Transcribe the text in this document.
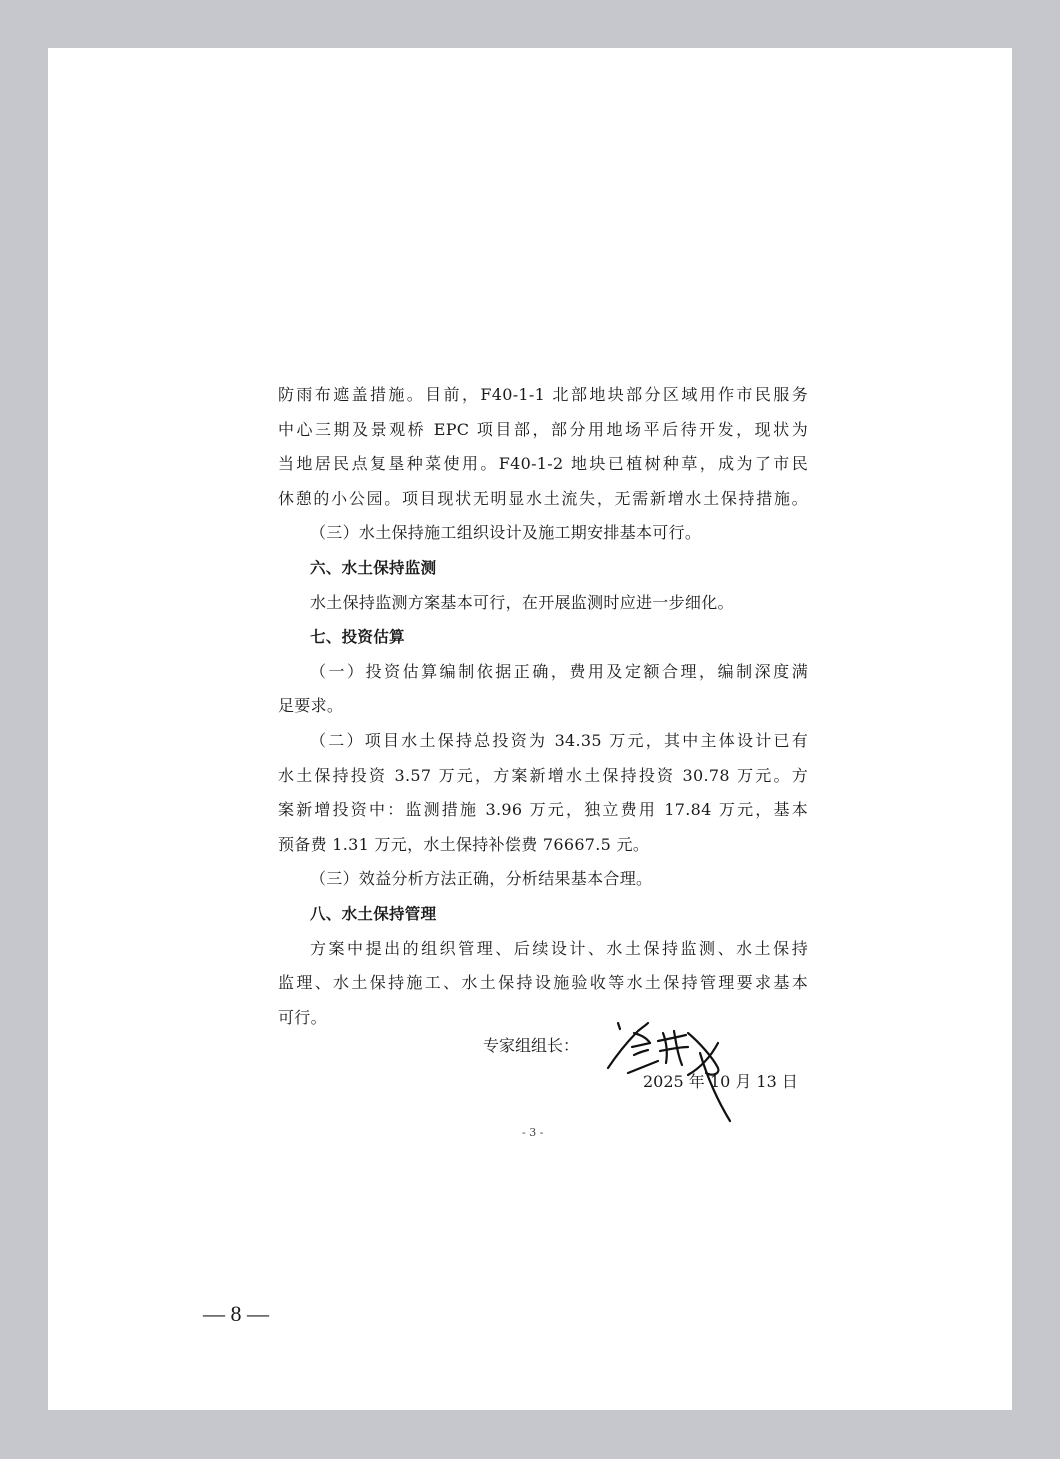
防雨布遮盖措施。目前，F40-1-1 北部地块部分区域用作市民服务
中心三期及景观桥 EPC 项目部，部分用地场平后待开发，现状为
当地居民点复垦种菜使用。F40-1-2 地块已植树种草，成为了市民
休憩的小公园。项目现状无明显水土流失，无需新增水土保持措施。
（三）水土保持施工组织设计及施工期安排基本可行。
六、水土保持监测
水土保持监测方案基本可行，在开展监测时应进一步细化。
七、投资估算
（一）投资估算编制依据正确，费用及定额合理，编制深度满
足要求。
（二）项目水土保持总投资为 34.35 万元，其中主体设计已有
水土保持投资 3.57 万元，方案新增水土保持投资 30.78 万元。方
案新增投资中：监测措施 3.96 万元，独立费用 17.84 万元，基本
预备费 1.31 万元，水土保持补偿费 76667.5 元。
（三）效益分析方法正确，分析结果基本合理。
八、水土保持管理
方案中提出的组织管理、后续设计、水土保持监测、水土保持
监理、水土保持施工、水土保持设施验收等水土保持管理要求基本
可行。
专家组组长：
2025 年 10 月 13 日
- 3 -
— 8 —
